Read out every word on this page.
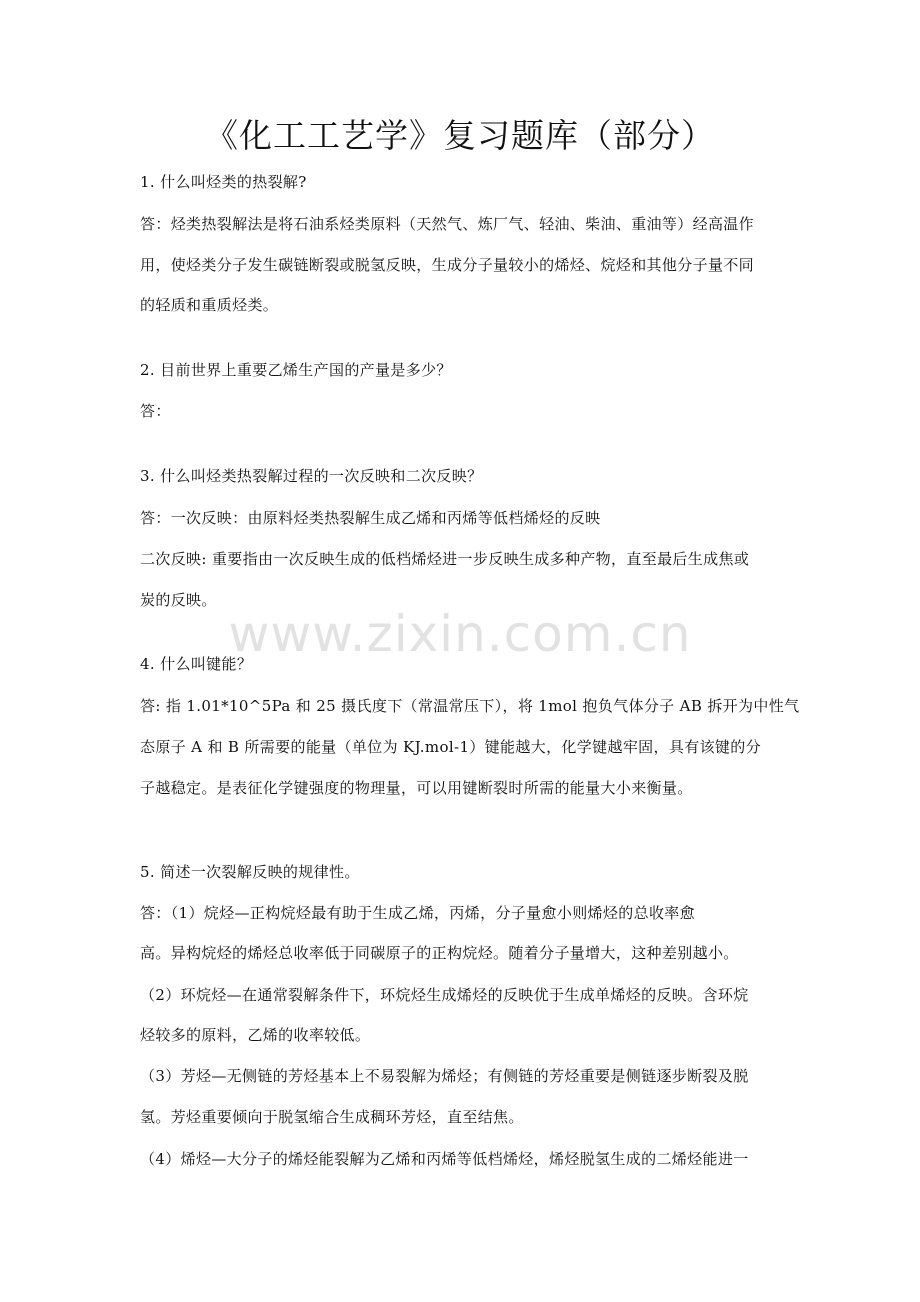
www.zixin.com.cn
《化工工艺学》复习题库（部分）
1. 什么叫烃类的热裂解?
答：烃类热裂解法是将石油系烃类原料（天然气、炼厂气、轻油、柴油、重油等）经高温作
用，使烃类分子发生碳链断裂或脱氢反映，生成分子量较小的烯烃、烷烃和其他分子量不同
的轻质和重质烃类。
2. 目前世界上重要乙烯生产国的产量是多少？
答：
3. 什么叫烃类热裂解过程的一次反映和二次反映？
答：一次反映：由原料烃类热裂解生成乙烯和丙烯等低档烯烃的反映
二次反映: 重要指由一次反映生成的低档烯烃进一步反映生成多种产物，直至最后生成焦或
炭的反映。
4. 什么叫键能？
答: 指 1.01*10^5Pa 和 25 摄氏度下（常温常压下），将 1mol 抱负气体分子 AB 拆开为中性气
态原子 A 和 B 所需要的能量（单位为 KJ.mol-1）键能越大，化学键越牢固，具有该键的分
子越稳定。是表征化学键强度的物理量，可以用键断裂时所需的能量大小来衡量。
5. 简述一次裂解反映的规律性。
答：（1）烷烃—正构烷烃最有助于生成乙烯，丙烯，分子量愈小则烯烃的总收率愈
高。异构烷烃的烯烃总收率低于同碳原子的正构烷烃。随着分子量增大，这种差别越小。
（2）环烷烃—在通常裂解条件下，环烷烃生成烯烃的反映优于生成单烯烃的反映。含环烷
烃较多的原料，乙烯的收率较低。
（3）芳烃—无侧链的芳烃基本上不易裂解为烯烃；有侧链的芳烃重要是侧链逐步断裂及脱
氢。芳烃重要倾向于脱氢缩合生成稠环芳烃，直至结焦。
（4）烯烃—大分子的烯烃能裂解为乙烯和丙烯等低档烯烃，烯烃脱氢生成的二烯烃能进一
